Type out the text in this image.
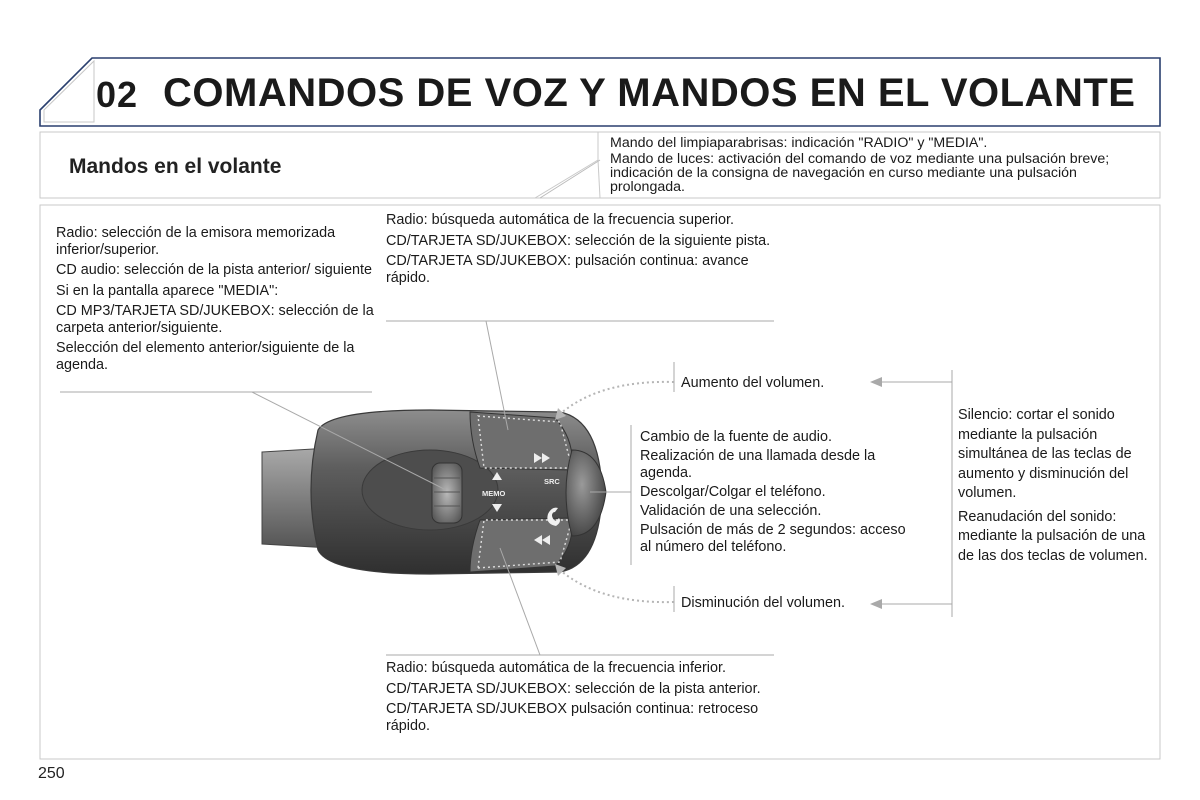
02 COMANDOS DE VOZ Y MANDOS EN EL VOLANTE
Mandos en el volante

Mando del limpiaparabrisas: indicación "RADIO" y "MEDIA".

Mando de luces: activación del comando de voz mediante una pulsación breve; indicación de la consigna de navegación en curso mediante una pulsación prolongada.

MEMO
SRC

Radio: selección de la emisora memorizada inferior/superior.

CD audio: selección de la pista anterior/ siguiente

Si en la pantalla aparece "MEDIA":

CD MP3/TARJETA SD/JUKEBOX: selección de la carpeta anterior/siguiente.

Selección del elemento anterior/siguiente de la agenda.

Radio: búsqueda automática de la frecuencia superior.

CD/TARJETA SD/JUKEBOX: selección de la siguiente pista.

CD/TARJETA SD/JUKEBOX: pulsación continua: avance rápido.

Cambio de la fuente de audio.

Realización de una llamada desde la agenda.

Descolgar/Colgar el teléfono.

Validación de una selección.

Pulsación de más de 2 segundos: acceso al número del teléfono.

Aumento del volumen.
Disminución del volumen.

Silencio: cortar el sonido mediante la pulsación simultánea de las teclas de aumento y disminución del volumen.

Reanudación del sonido: mediante la pulsación de una de las dos teclas de volumen.

Radio: búsqueda automática de la frecuencia inferior.

CD/TARJETA SD/JUKEBOX: selección de la pista anterior.

CD/TARJETA SD/JUKEBOX pulsación continua: retroceso rápido.

250
